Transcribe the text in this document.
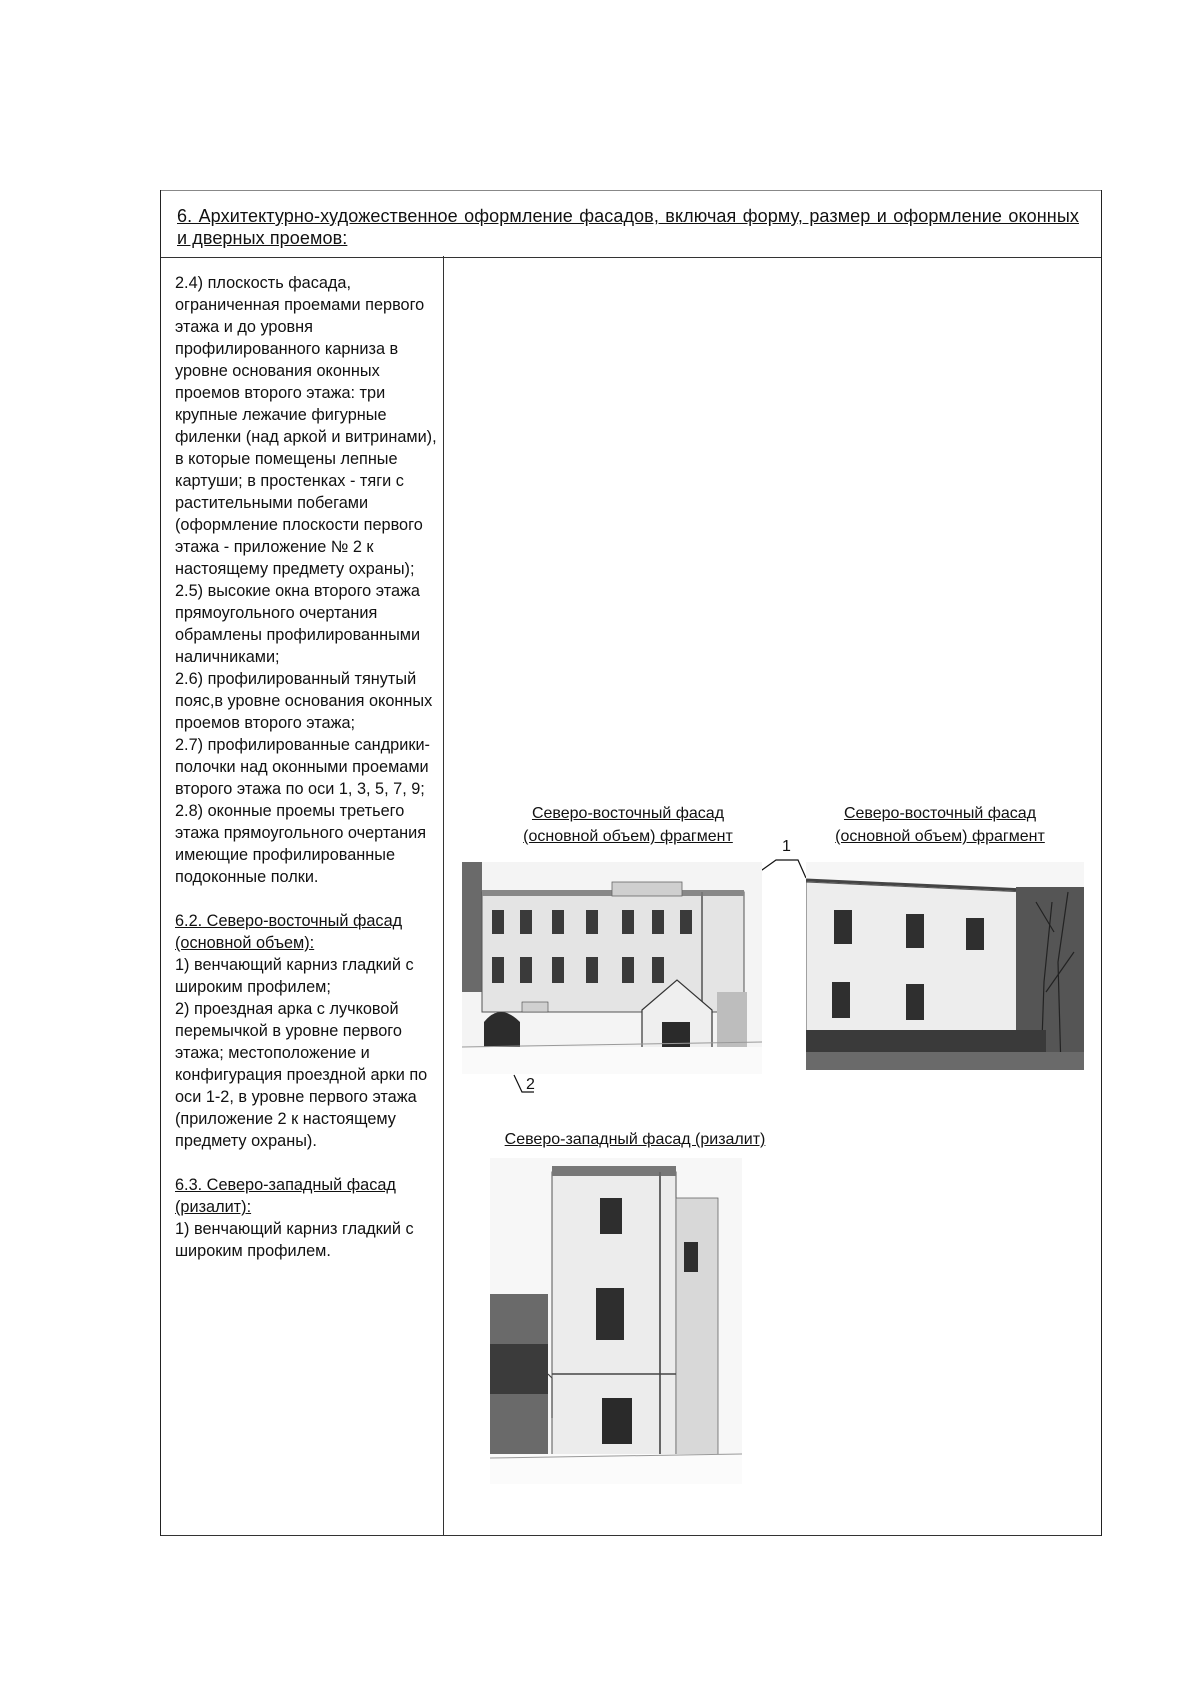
6. Архитектурно-художественное оформление фасадов, включая форму, размер и оформление оконных и дверных проемов:

2.4) плоскость фасада, ограниченная проемами первого этажа и до уровня профилированного карниза в уровне основания оконных проемов второго этажа: три крупные лежачие фигурные филенки (над аркой и витринами), в которые помещены лепные картуши; в простенках - тяги с растительными побегами (оформление плоскости первого этажа - приложение № 2 к настоящему предмету охраны);

2.5) высокие окна второго этажа прямоугольного очертания обрамлены профилированными наличниками;

2.6) профилированный тянутый пояс,в уровне основания оконных проемов второго этажа;

2.7) профилированные сандрики-полочки над оконными проемами второго этажа по оси 1, 3, 5, 7, 9;

2.8) оконные проемы третьего этажа прямоугольного очертания имеющие профилированные подоконные полки.

6.2. Северо-восточный фасад (основной объем):

1) венчающий карниз гладкий с широким профилем;

2) проездная арка с лучковой перемычкой в уровне первого этажа; местоположение и конфигурация проездной арки по оси 1-2, в уровне первого этажа (приложение 2 к настоящему предмету охраны).

6.3. Северо-западный фасад (ризалит):

1) венчающий карниз гладкий с широким профилем.

Северо-восточный фасад (основной объем) фрагмент
Северо-восточный фасад (основной объем) фрагмент
Северо-западный фасад (ризалит)
1
2
